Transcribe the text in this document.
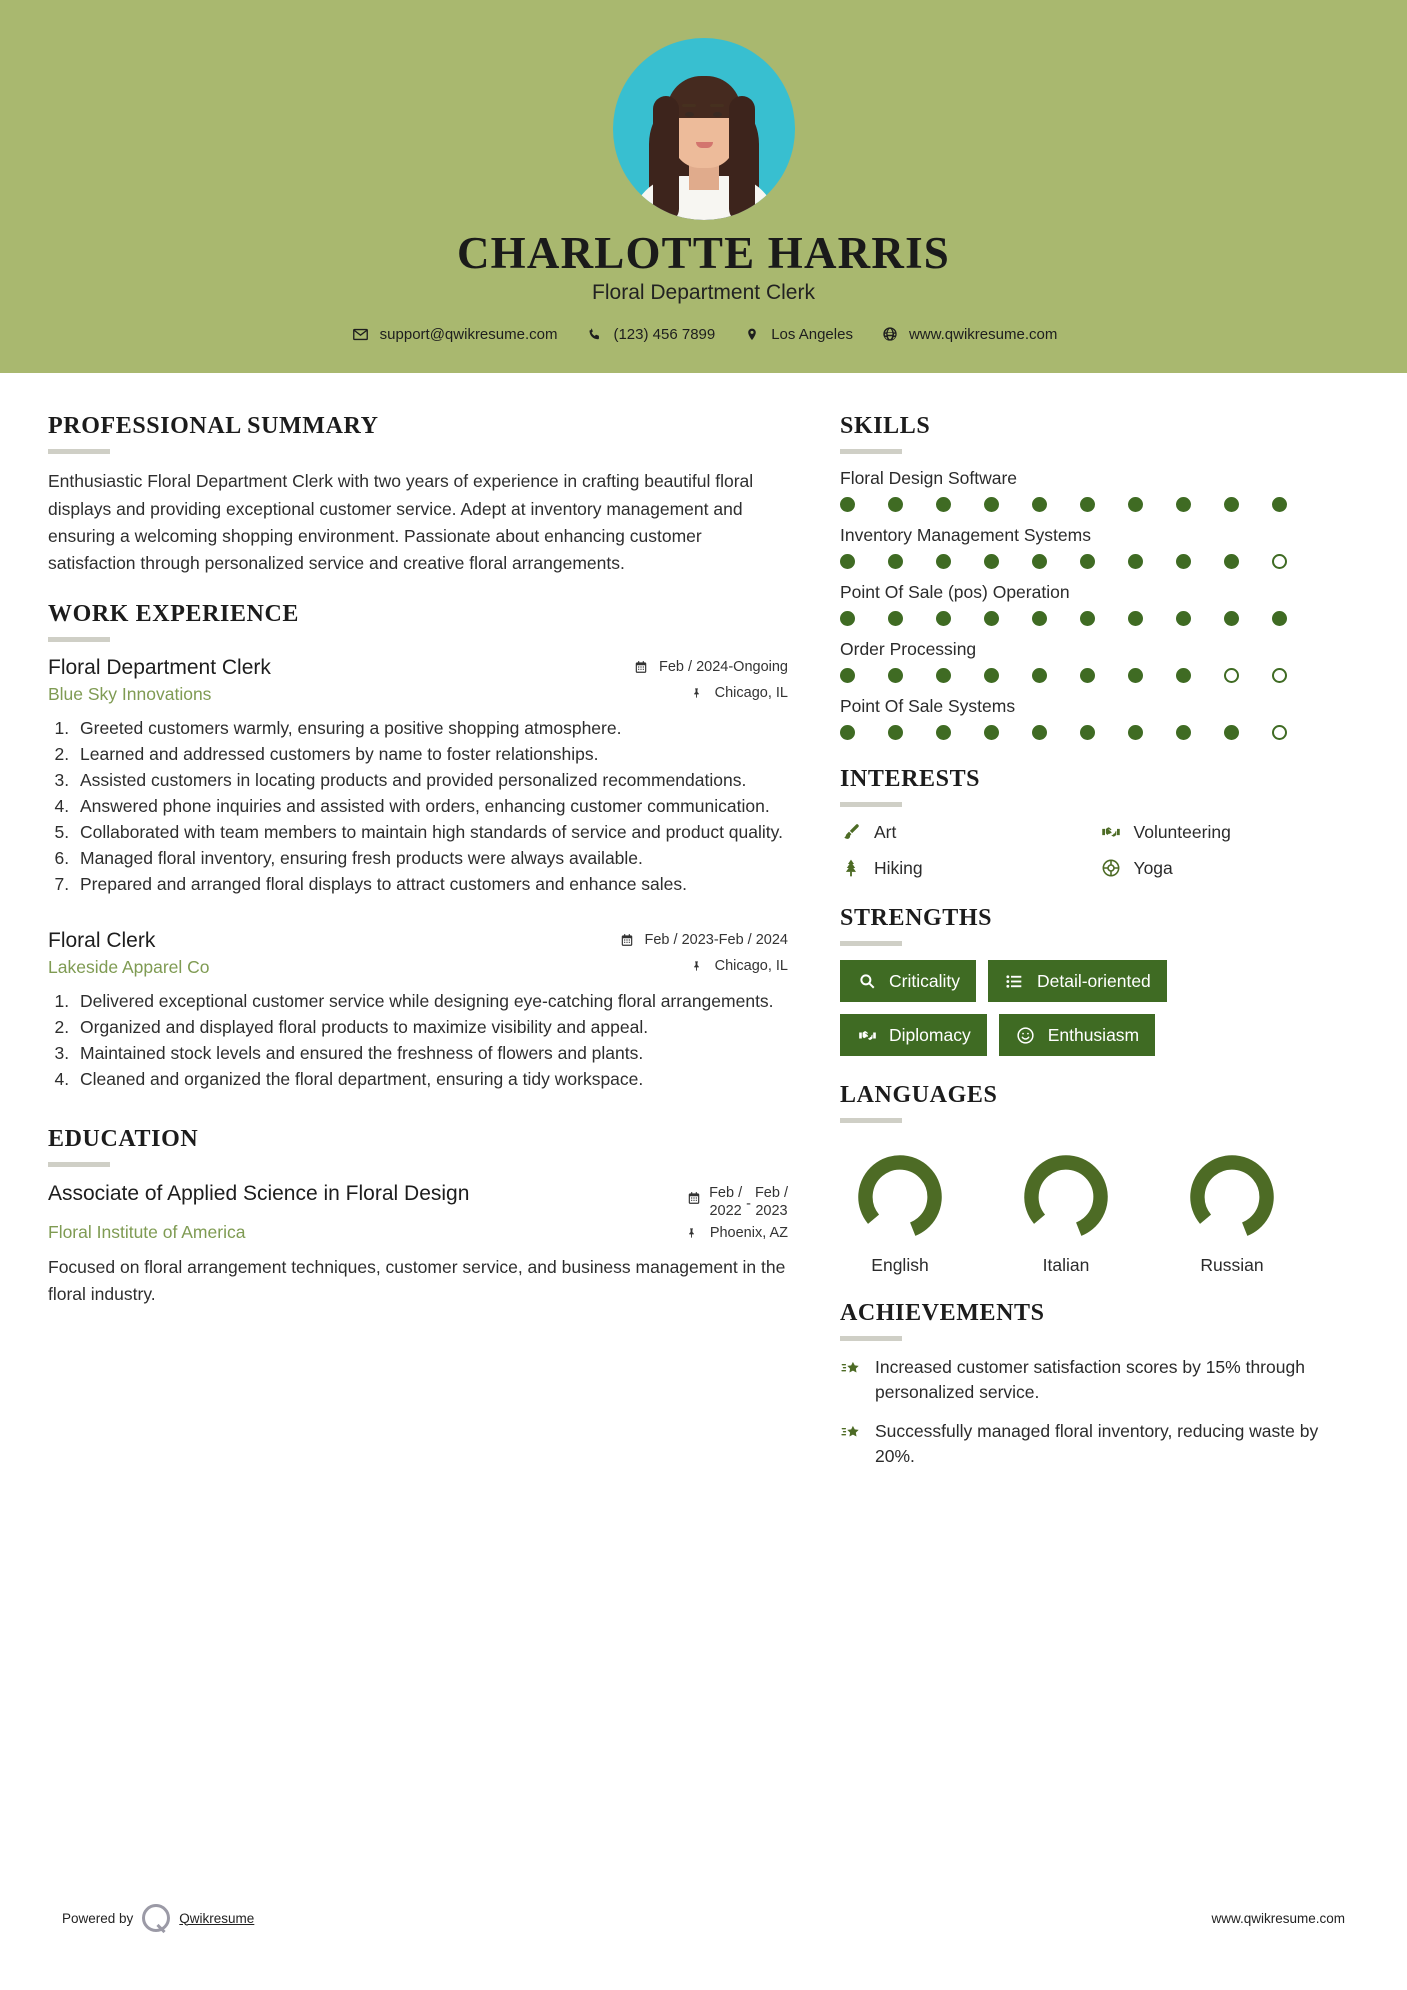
CHARLOTTE HARRIS
Floral Department Clerk
support@qwikresume.com	(123) 456 7899	Los Angeles	www.qwikresume.com
PROFESSIONAL SUMMARY
Enthusiastic Floral Department Clerk with two years of experience in crafting beautiful floral displays and providing exceptional customer service. Adept at inventory management and ensuring a welcoming shopping environment. Passionate about enhancing customer satisfaction through personalized service and creative floral arrangements.
WORK EXPERIENCE
Floral Department Clerk	Feb / 2024-Ongoing
Blue Sky Innovations	Chicago, IL
1. Greeted customers warmly, ensuring a positive shopping atmosphere.
2. Learned and addressed customers by name to foster relationships.
3. Assisted customers in locating products and provided personalized recommendations.
4. Answered phone inquiries and assisted with orders, enhancing customer communication.
5. Collaborated with team members to maintain high standards of service and product quality.
6. Managed floral inventory, ensuring fresh products were always available.
7. Prepared and arranged floral displays to attract customers and enhance sales.
Floral Clerk	Feb / 2023-Feb / 2024
Lakeside Apparel Co	Chicago, IL
1. Delivered exceptional customer service while designing eye-catching floral arrangements.
2. Organized and displayed floral products to maximize visibility and appeal.
3. Maintained stock levels and ensured the freshness of flowers and plants.
4. Cleaned and organized the floral department, ensuring a tidy workspace.
EDUCATION
Associate of Applied Science in Floral Design	Feb /
2022 -
Feb /
2023
Floral Institute of America	Phoenix, AZ
Focused on floral arrangement techniques, customer service, and business management in the floral industry.
SKILLS
Floral Design Software
Inventory Management Systems
Point Of Sale (pos) Operation
Order Processing
Point Of Sale Systems
INTERESTS
Art	Volunteering
Hiking	Yoga
STRENGTHS
Criticality	Detail-oriented
Diplomacy	Enthusiasm
LANGUAGES
English	Italian	Russian
ACHIEVEMENTS
Increased customer satisfaction scores by 15% through personalized service.
Successfully managed floral inventory, reducing waste by 20%.
Powered by	Qwikresume	www.qwikresume.com
